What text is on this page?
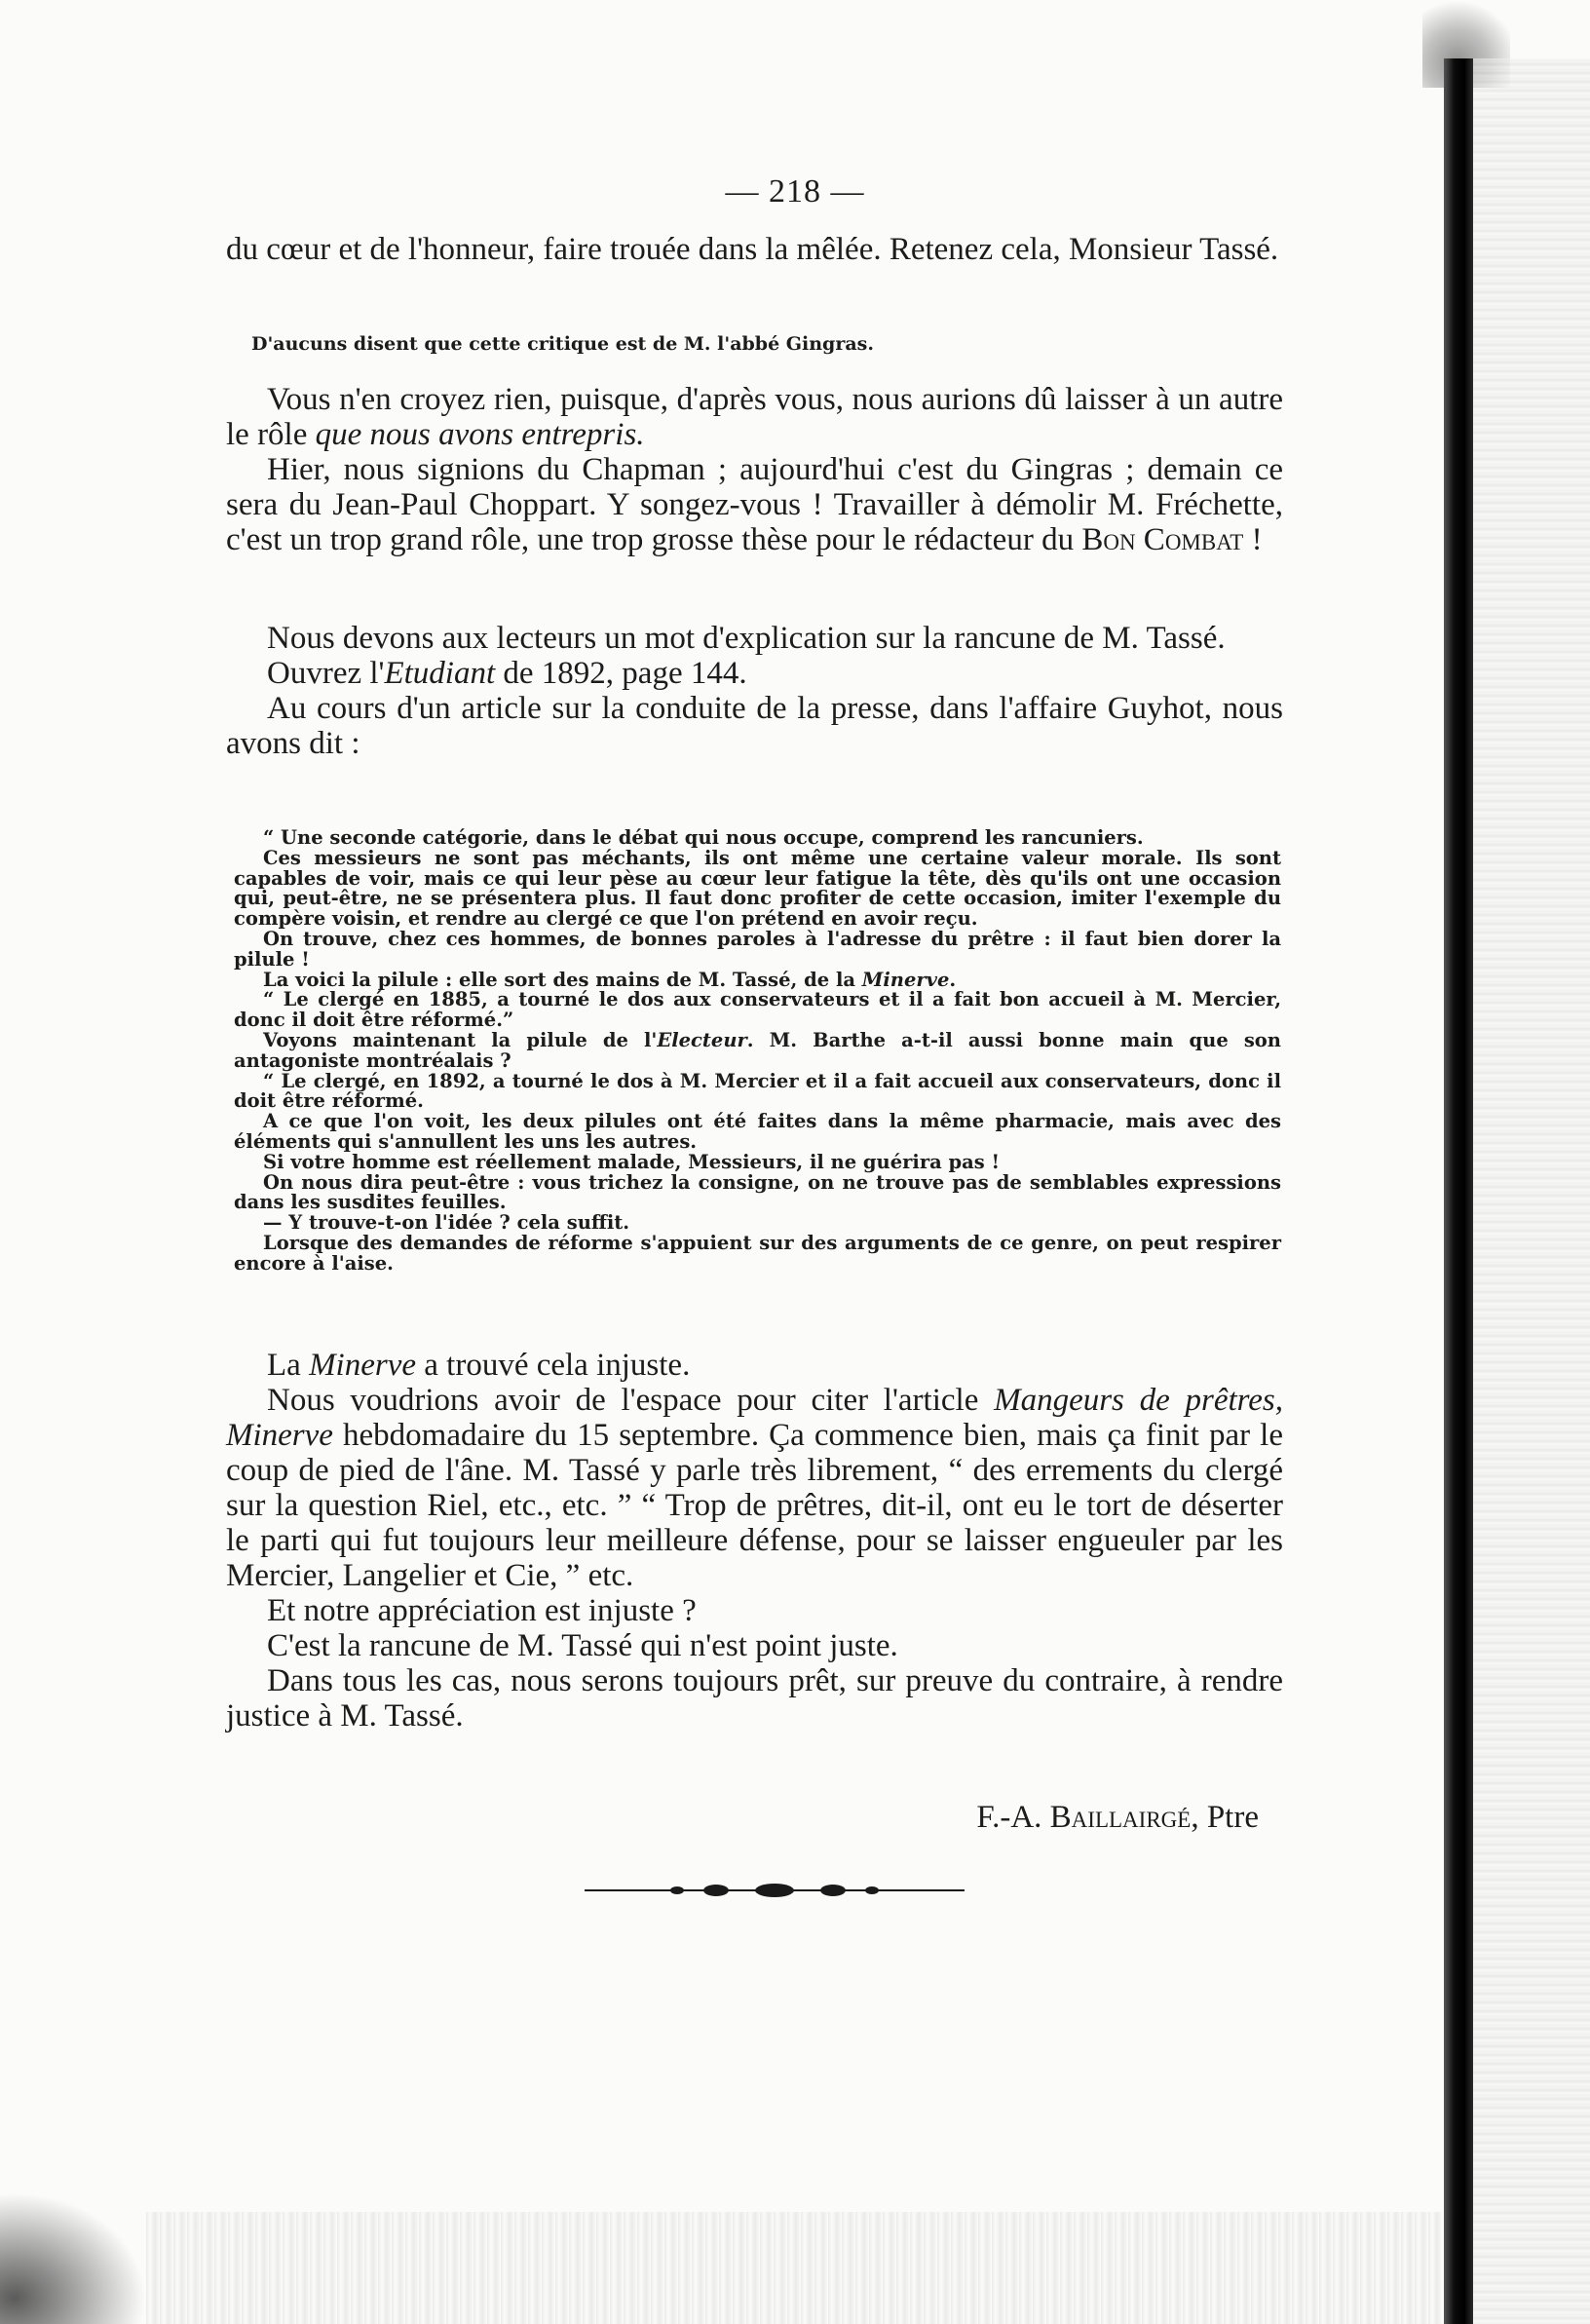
— 218 —

du cœur et de l'honneur, faire trouée dans la mêlée. Retenez cela, Monsieur Tassé.

D'aucuns disent que cette critique est de M. l'abbé Gingras.

Vous n'en croyez rien, puisque, d'après vous, nous aurions dû laisser à un autre le rôle que nous avons entrepris.

Hier, nous signions du Chapman ; aujourd'hui c'est du Gingras ; demain ce sera du Jean-Paul Choppart. Y songez-vous ! Travailler à démolir M. Fréchette, c'est un trop grand rôle, une trop grosse thèse pour le rédacteur du Bon Combat !

Nous devons aux lecteurs un mot d'explication sur la rancune de M. Tassé.

Ouvrez l'Etudiant de 1892, page 144.

Au cours d'un article sur la conduite de la presse, dans l'affaire Guyhot, nous avons dit :

“ Une seconde catégorie, dans le débat qui nous occupe, comprend les rancuniers.

Ces messieurs ne sont pas méchants, ils ont même une certaine valeur morale. Ils sont capables de voir, mais ce qui leur pèse au cœur leur fatigue la tête, dès qu'ils ont une occasion qui, peut-être, ne se présentera plus. Il faut donc profiter de cette occasion, imiter l'exemple du compère voisin, et rendre au clergé ce que l'on prétend en avoir reçu.

On trouve, chez ces hommes, de bonnes paroles à l'adresse du prêtre : il faut bien dorer la pilule !

La voici la pilule : elle sort des mains de M. Tassé, de la Minerve.

“ Le clergé en 1885, a tourné le dos aux conservateurs et il a fait bon accueil à M. Mercier, donc il doit être réformé.”

Voyons maintenant la pilule de l'Electeur. M. Barthe a-t-il aussi bonne main que son antagoniste montréalais ?

“ Le clergé, en 1892, a tourné le dos à M. Mercier et il a fait accueil aux conservateurs, donc il doit être réformé.

A ce que l'on voit, les deux pilules ont été faites dans la même pharmacie, mais avec des éléments qui s'annullent les uns les autres.

Si votre homme est réellement malade, Messieurs, il ne guérira pas !

On nous dira peut-être : vous trichez la consigne, on ne trouve pas de semblables expressions dans les susdites feuilles.

— Y trouve-t-on l'idée ? cela suffit.

Lorsque des demandes de réforme s'appuient sur des arguments de ce genre, on peut respirer encore à l'aise.

La Minerve a trouvé cela injuste.

Nous voudrions avoir de l'espace pour citer l'article Mangeurs de prêtres, Minerve hebdomadaire du 15 septembre. Ça commence bien, mais ça finit par le coup de pied de l'âne. M. Tassé y parle très librement, “ des errements du clergé sur la question Riel, etc., etc. ” “ Trop de prêtres, dit-il, ont eu le tort de déserter le parti qui fut toujours leur meilleure défense, pour se laisser engueuler par les Mercier, Langelier et Cie, ” etc.

Et notre appréciation est injuste ?

C'est la rancune de M. Tassé qui n'est point juste.

Dans tous les cas, nous serons toujours prêt, sur preuve du contraire, à rendre justice à M. Tassé.

F.-A. Baillairgé, Ptre
